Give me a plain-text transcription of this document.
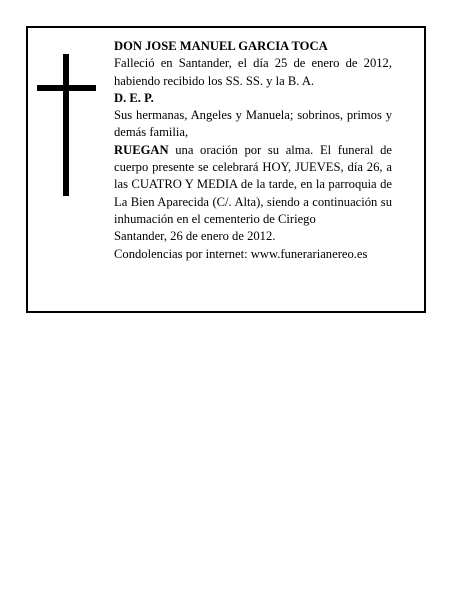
DON JOSE MANUEL GARCIA TOCA

Falleció en Santander, el día 25 de enero de 2012, habiendo recibido los SS. SS. y la B. A.

D. E. P.

Sus hermanas, Angeles y Manuela; sobrinos, primos y demás familia,

RUEGAN una oración por su alma. El funeral de cuerpo presente se celebrará HOY, JUEVES, día 26, a las CUATRO Y MEDIA de la tarde, en la parroquia de La Bien Aparecida (C/. Alta), siendo a continuación su inhumación en el cementerio de Ciriego

Santander, 26 de enero de 2012.

Condolencias por internet: www.funerarianereo.es
